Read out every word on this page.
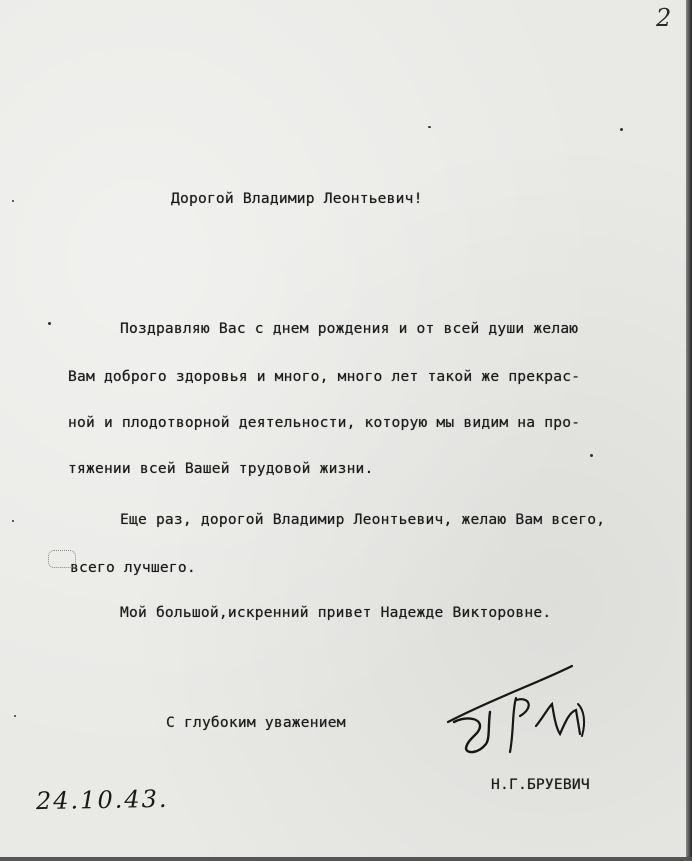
2
Дорогой Владимир Леонтьевич!
Поздравляю Вас с днем рождения и от всей души желаю
Вам доброго здоровья и много, много лет такой же прекрас-
ной и плодотворной деятельности, которую мы видим на про-
тяжении всей Вашей трудовой жизни.
Еще раз, дорогой Владимир Леонтьевич, желаю Вам всего,
всего лучшего.
Мой большой,искренний привет Надежде Викторовне.
С глубоким уважением
Н.Г.БРУЕВИЧ
24.10.43.
